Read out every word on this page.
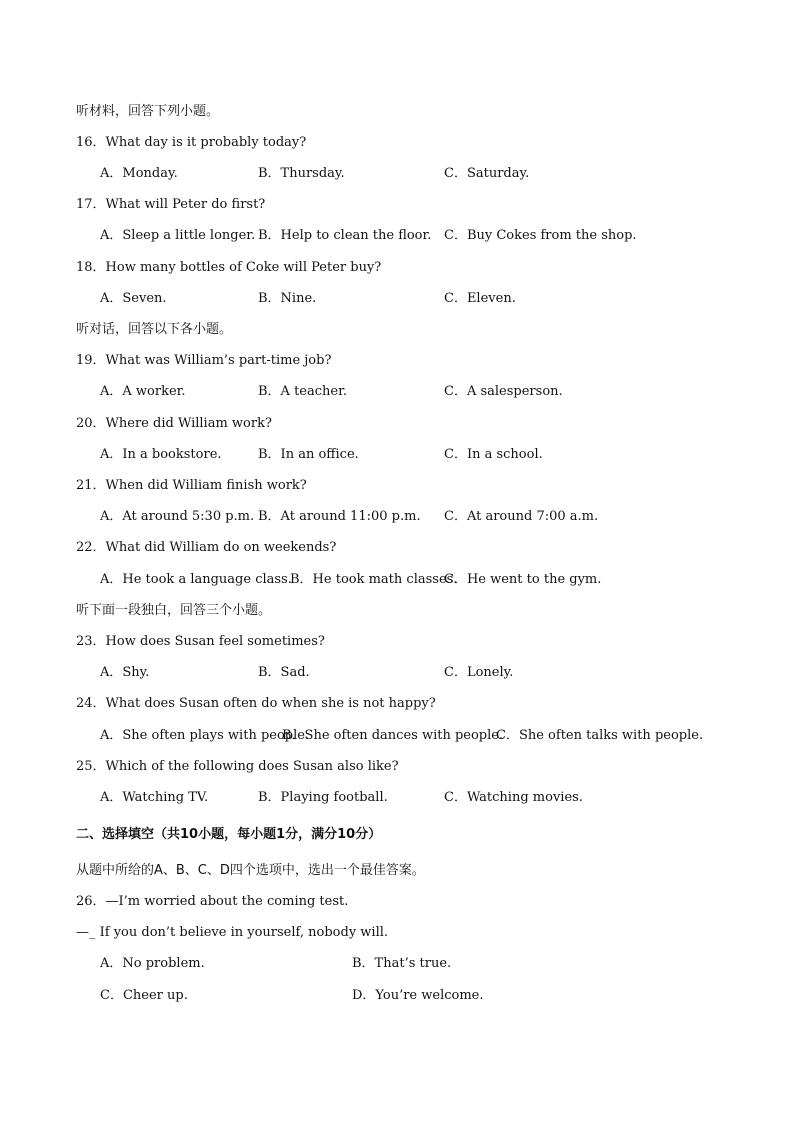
听材料，回答下列小题。
16．What day is it probably today?
A．Monday.	B．Thursday.	C．Saturday.
17．What will Peter do first?
A．Sleep a little longer. B．Help to clean the floor. C．Buy Cokes from the shop.
18．How many bottles of Coke will Peter buy?
A．Seven.	B．Nine.	C．Eleven.
听对话，回答以下各小题。
19．What was William’s part-time job?
A．A worker.	B．A teacher.	C．A salesperson.
20．Where did William work?
A．In a bookstore.	B．In an office.	C．In a school.
21．When did William finish work?
A．At around 5:30 p.m. B．At around 11:00 p.m. C．At around 7:00 a.m.
22．What did William do on weekends?
A．He took a language class.
B．He took math classes.
C．He went to the gym.
听下面一段独白，回答三个小题。
23．How does Susan feel sometimes?
A．Shy.	B．Sad.	C．Lonely.
24．What does Susan often do when she is not happy?
A．She often plays with people.
B．She often dances with people.
C．She often talks with people.
25．Which of the following does Susan also like?
A．Watching TV.	B．Playing football.	C．Watching movies.
二、选择填空（共10小题，每小题1分，满分10分）
从题中所给的A、B、C、D四个选项中，选出一个最佳答案。
26．—I’m worried about the coming test.
—_ If you don’t believe in yourself, nobody will.
A．No problem.	B．That’s true.
C．Cheer up.	D．You’re welcome.
